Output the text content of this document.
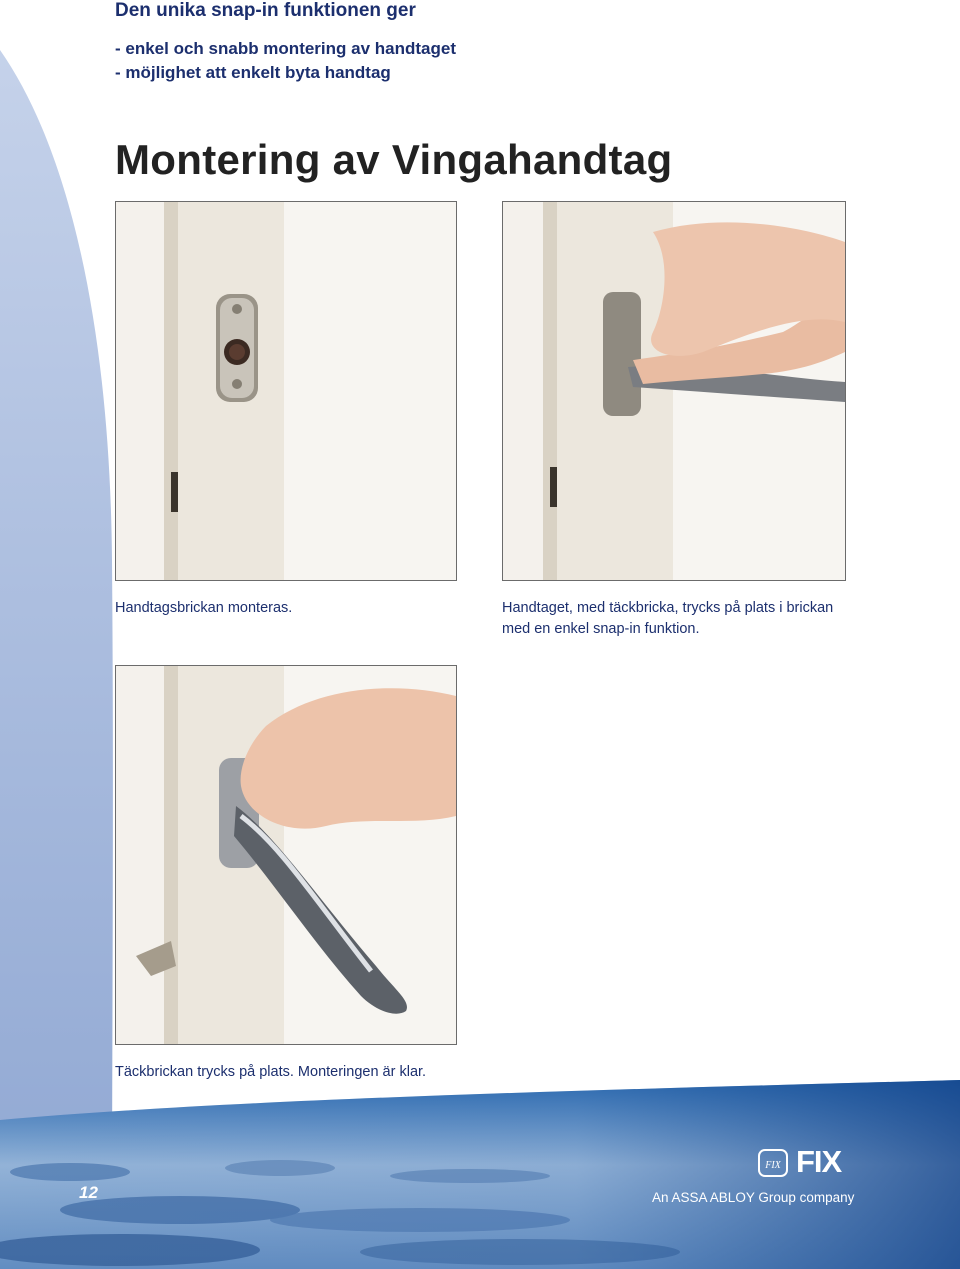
Den unika snap-in funktionen ger
- enkel och snabb montering av handtaget
- möjlighet att enkelt byta handtag
Montering av Vingahandtag
Handtagsbrickan monteras.	Handtaget, med täckbricka, trycks på plats i brickan med en enkel snap-in funktion.
Täckbrickan trycks på plats. Monteringen är klar.
12
FIX FIX
An ASSA ABLOY Group company
